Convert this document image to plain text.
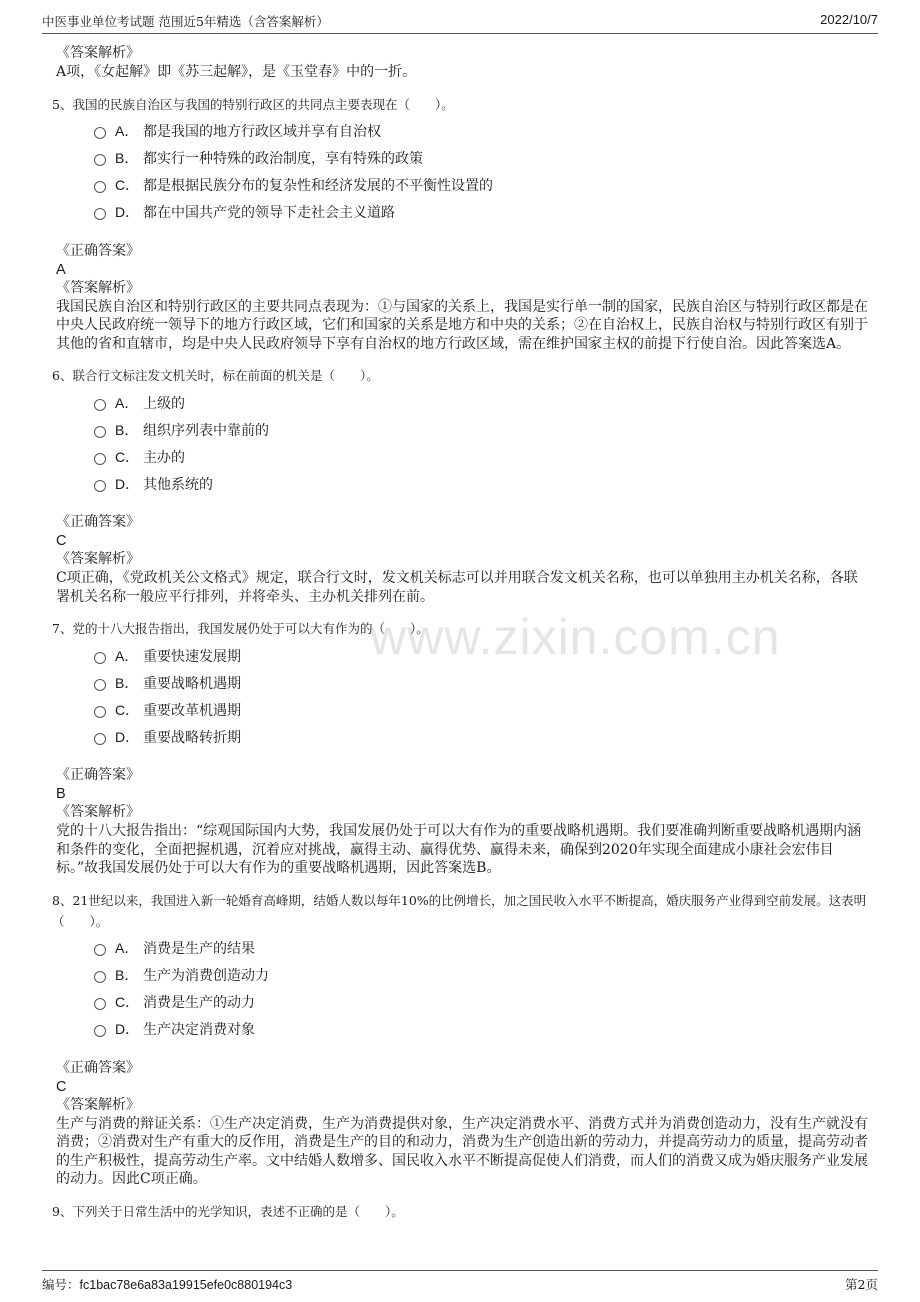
中医事业单位考试题 范围近5年精选（含答案解析）	2022/10/7
www.zixin.com.cn
《答案解析》
A项，《女起解》即《苏三起解》，是《玉堂春》中的一折。
5、我国的民族自治区与我国的特别行政区的共同点主要表现在（　　）。
A． 都是我国的地方行政区域并享有自治权
B． 都实行一种特殊的政治制度，享有特殊的政策
C． 都是根据民族分布的复杂性和经济发展的不平衡性设置的
D． 都在中国共产党的领导下走社会主义道路
《正确答案》
A
《答案解析》
我国民族自治区和特别行政区的主要共同点表现为：①与国家的关系上，我国是实行单一制的国家，民族自治区与特别行政区都是在中央人民政府统一领导下的地方行政区域，它们和国家的关系是地方和中央的关系；②在自治权上，民族自治权与特别行政区有别于其他的省和直辖市，均是中央人民政府领导下享有自治权的地方行政区域，需在维护国家主权的前提下行使自治。因此答案选A。
6、联合行文标注发文机关时，标在前面的机关是（　　）。
A． 上级的
B． 组织序列表中靠前的
C． 主办的
D． 其他系统的
《正确答案》
C
《答案解析》
C项正确，《党政机关公文格式》规定，联合行文时，发文机关标志可以并用联合发文机关名称，也可以单独用主办机关名称，各联署机关名称一般应平行排列，并将牵头、主办机关排列在前。
7、党的十八大报告指出，我国发展仍处于可以大有作为的（　　）。
A． 重要快速发展期
B． 重要战略机遇期
C． 重要改革机遇期
D． 重要战略转折期
《正确答案》
B
《答案解析》
党的十八大报告指出：“综观国际国内大势，我国发展仍处于可以大有作为的重要战略机遇期。我们要准确判断重要战略机遇期内涵和条件的变化，全面把握机遇，沉着应对挑战，赢得主动、赢得优势、赢得未来，确保到2020年实现全面建成小康社会宏伟目标。”故我国发展仍处于可以大有作为的重要战略机遇期，因此答案选B。
8、21世纪以来，我国进入新一轮婚育高峰期，结婚人数以每年10%的比例增长，加之国民收入水平不断提高，婚庆服务产业得到空前发展。这表明（　　）。
A． 消费是生产的结果
B． 生产为消费创造动力
C． 消费是生产的动力
D． 生产决定消费对象
《正确答案》
C
《答案解析》
生产与消费的辩证关系：①生产决定消费，生产为消费提供对象，生产决定消费水平、消费方式并为消费创造动力，没有生产就没有消费；②消费对生产有重大的反作用，消费是生产的目的和动力，消费为生产创造出新的劳动力，并提高劳动力的质量，提高劳动者的生产积极性，提高劳动生产率。文中结婚人数增多、国民收入水平不断提高促使人们消费，而人们的消费又成为婚庆服务产业发展的动力。因此C项正确。
9、下列关于日常生活中的光学知识，表述不正确的是（　　）。
编号：fc1bac78e6a83a19915efe0c880194c3	第2页
